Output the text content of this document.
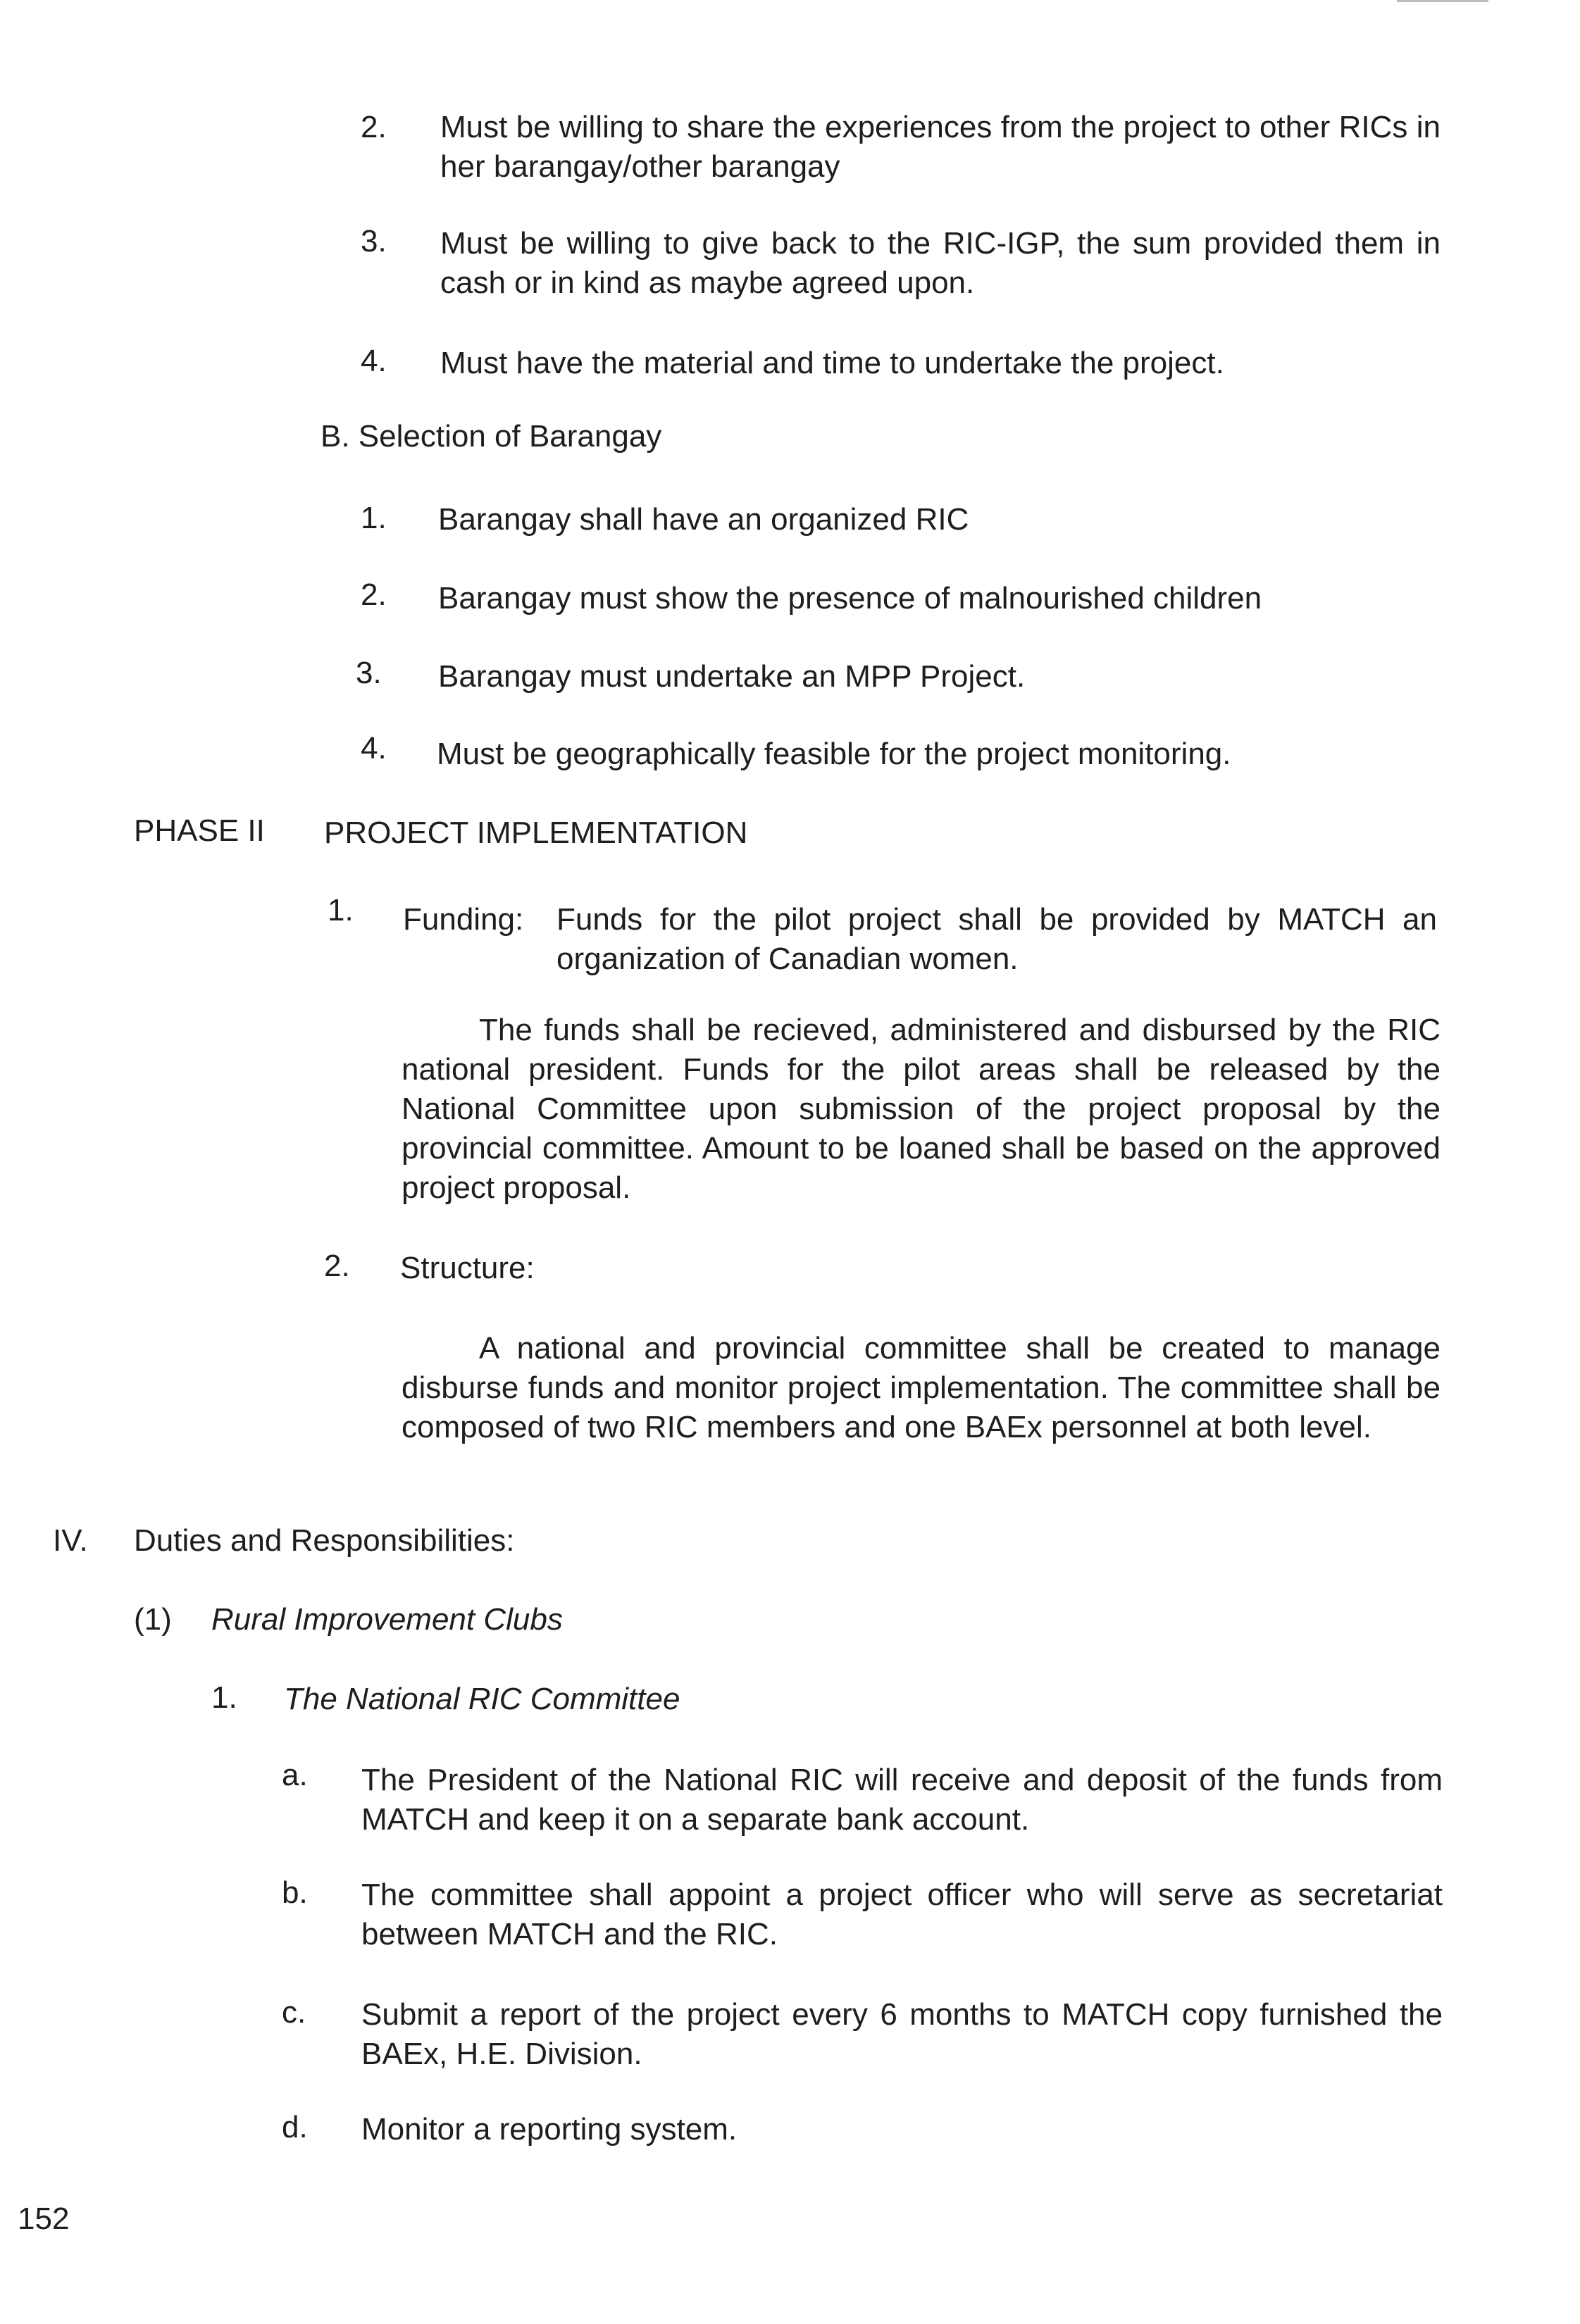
2. Must be willing to share the experiences from the project to other RICs in her barangay/other barangay
3. Must be willing to give back to the RIC-IGP, the sum provided them in cash or in kind as maybe agreed upon.
4. Must have the material and time to undertake the project.
B. Selection of Barangay
1. Barangay shall have an organized RIC
2. Barangay must show the presence of malnourished children
3. Barangay must undertake an MPP Project.
4. Must be geographically feasible for the project monitoring.
PHASE II PROJECT IMPLEMENTATION
1. Funding: Funds for the pilot project shall be provided by MATCH an organization of Canadian women.
The funds shall be recieved, administered and disbursed by the RIC national president. Funds for the pilot areas shall be released by the National Committee upon submission of the project proposal by the provincial committee. Amount to be loaned shall be based on the approved project proposal.
2. Structure:
A national and provincial committee shall be created to manage disburse funds and monitor project implementation. The committee shall be composed of two RIC members and one BAEx personnel at both level.
IV. Duties and Responsibilities:
(1) Rural Improvement Clubs
1. The National RIC Committee
a. The President of the National RIC will receive and deposit of the funds from MATCH and keep it on a separate bank account.
b. The committee shall appoint a project officer who will serve as secretariat between MATCH and the RIC.
c. Submit a report of the project every 6 months to MATCH copy furnished the BAEx, H.E. Division.
d. Monitor a reporting system.
152
